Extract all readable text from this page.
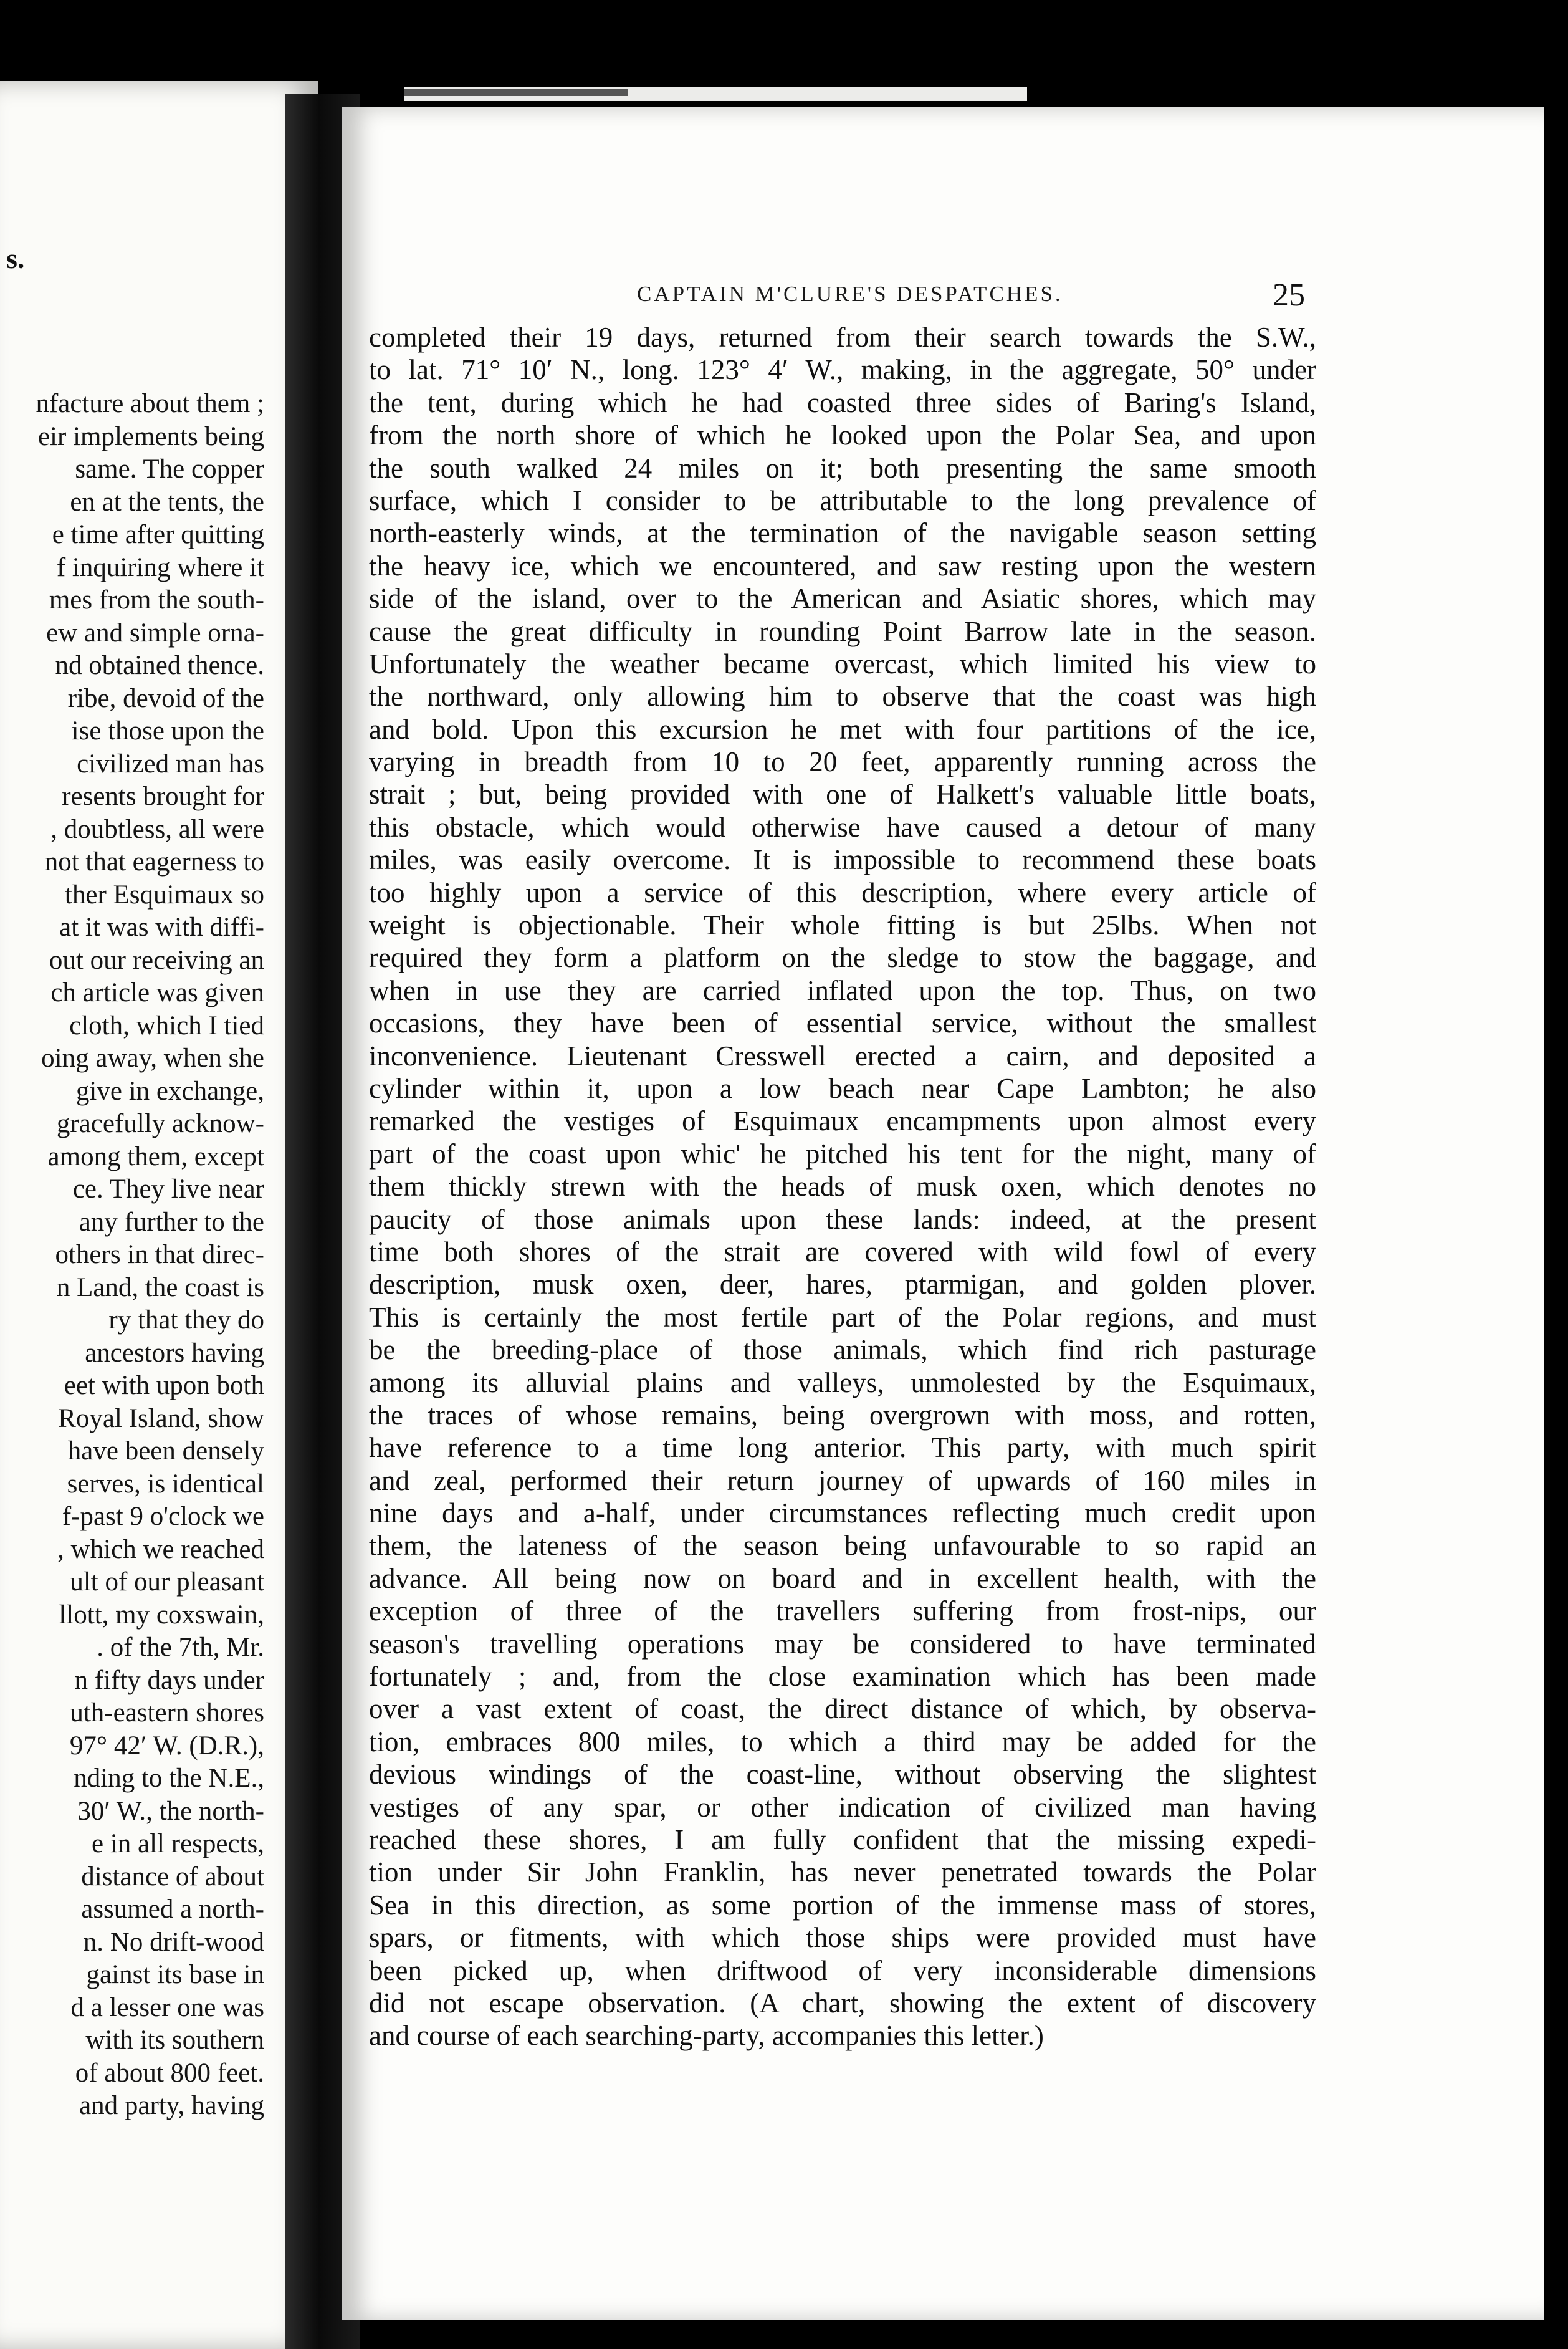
s.
nfacture about them ;
eir implements being
same. The copper
en at the tents, the
e time after quitting
f inquiring where it
mes from the south-
ew and simple orna-
nd obtained thence.
ribe, devoid of the
ise those upon the
civilized man has
resents brought for
, doubtless, all were
not that eagerness to
ther Esquimaux so
at it was with diffi-
out our receiving an
ch article was given
cloth, which I tied
oing away, when she
give in exchange,
gracefully acknow-
among them, except
ce. They live near
any further to the
others in that direc-
n Land, the coast is
ry that they do
ancestors having
eet with upon both
Royal Island, show
have been densely
serves, is identical
f-past 9 o'clock we
, which we reached
ult of our pleasant
llott, my coxswain,
. of the 7th, Mr.
n fifty days under
uth-eastern shores
97° 42′ W. (D.R.),
nding to the N.E.,
30′ W., the north-
e in all respects,
distance of about
assumed a north-
n. No drift-wood
gainst its base in
d a lesser one was
with its southern
of about 800 feet.
and party, having
CAPTAIN M'CLURE'S DESPATCHES.	25
completed their 19 days, returned from their search towards the S.W.,
to lat. 71° 10′ N., long. 123° 4′ W., making, in the aggregate, 50° under
the tent, during which he had coasted three sides of Baring's Island,
from the north shore of which he looked upon the Polar Sea, and upon
the south walked 24 miles on it; both presenting the same smooth
surface, which I consider to be attributable to the long prevalence of
north-easterly winds, at the termination of the navigable season setting
the heavy ice, which we encountered, and saw resting upon the western
side of the island, over to the American and Asiatic shores, which may
cause the great difficulty in rounding Point Barrow late in the season.
Unfortunately the weather became overcast, which limited his view to
the northward, only allowing him to observe that the coast was high
and bold. Upon this excursion he met with four partitions of the ice,
varying in breadth from 10 to 20 feet, apparently running across the
strait ; but, being provided with one of Halkett's valuable little boats,
this obstacle, which would otherwise have caused a detour of many
miles, was easily overcome. It is impossible to recommend these boats
too highly upon a service of this description, where every article of
weight is objectionable. Their whole fitting is but 25lbs. When not
required they form a platform on the sledge to stow the baggage, and
when in use they are carried inflated upon the top. Thus, on two
occasions, they have been of essential service, without the smallest
inconvenience. Lieutenant Cresswell erected a cairn, and deposited a
cylinder within it, upon a low beach near Cape Lambton; he also
remarked the vestiges of Esquimaux encampments upon almost every
part of the coast upon whic' he pitched his tent for the night, many of
them thickly strewn with the heads of musk oxen, which denotes no
paucity of those animals upon these lands: indeed, at the present
time both shores of the strait are covered with wild fowl of every
description, musk oxen, deer, hares, ptarmigan, and golden plover.
This is certainly the most fertile part of the Polar regions, and must
be the breeding-place of those animals, which find rich pasturage
among its alluvial plains and valleys, unmolested by the Esquimaux,
the traces of whose remains, being overgrown with moss, and rotten,
have reference to a time long anterior. This party, with much spirit
and zeal, performed their return journey of upwards of 160 miles in
nine days and a-half, under circumstances reflecting much credit upon
them, the lateness of the season being unfavourable to so rapid an
advance. All being now on board and in excellent health, with the
exception of three of the travellers suffering from frost-nips, our
season's travelling operations may be considered to have terminated
fortunately ; and, from the close examination which has been made
over a vast extent of coast, the direct distance of which, by observa-
tion, embraces 800 miles, to which a third may be added for the
devious windings of the coast-line, without observing the slightest
vestiges of any spar, or other indication of civilized man having
reached these shores, I am fully confident that the missing expedi-
tion under Sir John Franklin, has never penetrated towards the Polar
Sea in this direction, as some portion of the immense mass of stores,
spars, or fitments, with which those ships were provided must have
been picked up, when driftwood of very inconsiderable dimensions
did not escape observation. (A chart, showing the extent of discovery
and course of each searching-party, accompanies this letter.)
